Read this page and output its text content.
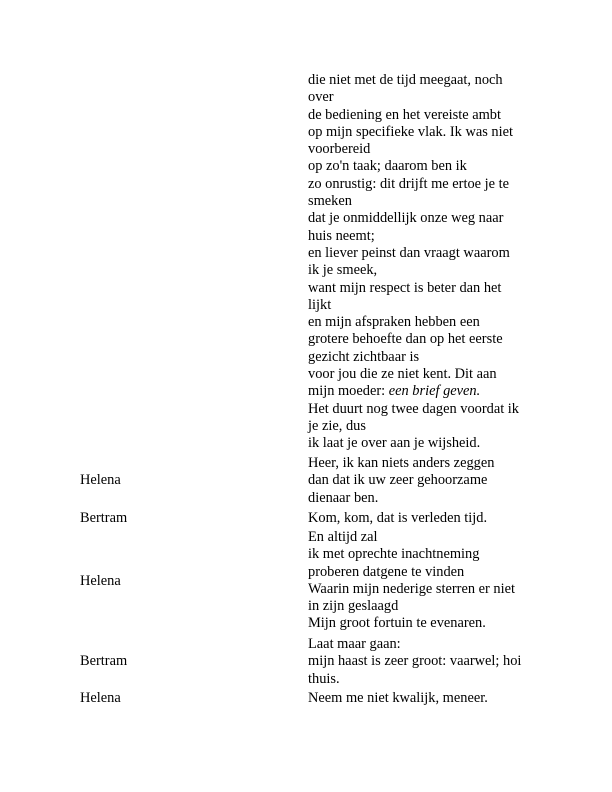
die niet met de tijd meegaat, noch
over
de bediening en het vereiste ambt
op mijn specifieke vlak. Ik was niet
voorbereid
op zo'n taak; daarom ben ik
zo onrustig: dit drijft me ertoe je te
smeken
dat je onmiddellijk onze weg naar
huis neemt;
en liever peinst dan vraagt waarom
ik je smeek,
want mijn respect is beter dan het
lijkt
en mijn afspraken hebben een
grotere behoefte dan op het eerste
gezicht zichtbaar is
voor jou die ze niet kent. Dit aan
mijn moeder: een brief geven.
Het duurt nog twee dagen voordat ik
je zie, dus
ik laat je over aan je wijsheid.
Helena
Heer, ik kan niets anders zeggen
dan dat ik uw zeer gehoorzame
dienaar ben.
Bertram	Kom, kom, dat is verleden tijd.
Helena
En altijd zal
ik met oprechte inachtneming
proberen datgene te vinden
Waarin mijn nederige sterren er niet
in zijn geslaagd
Mijn groot fortuin te evenaren.
Bertram
Laat maar gaan:
mijn haast is zeer groot: vaarwel; hoi
thuis.
Helena	Neem me niet kwalijk, meneer.
